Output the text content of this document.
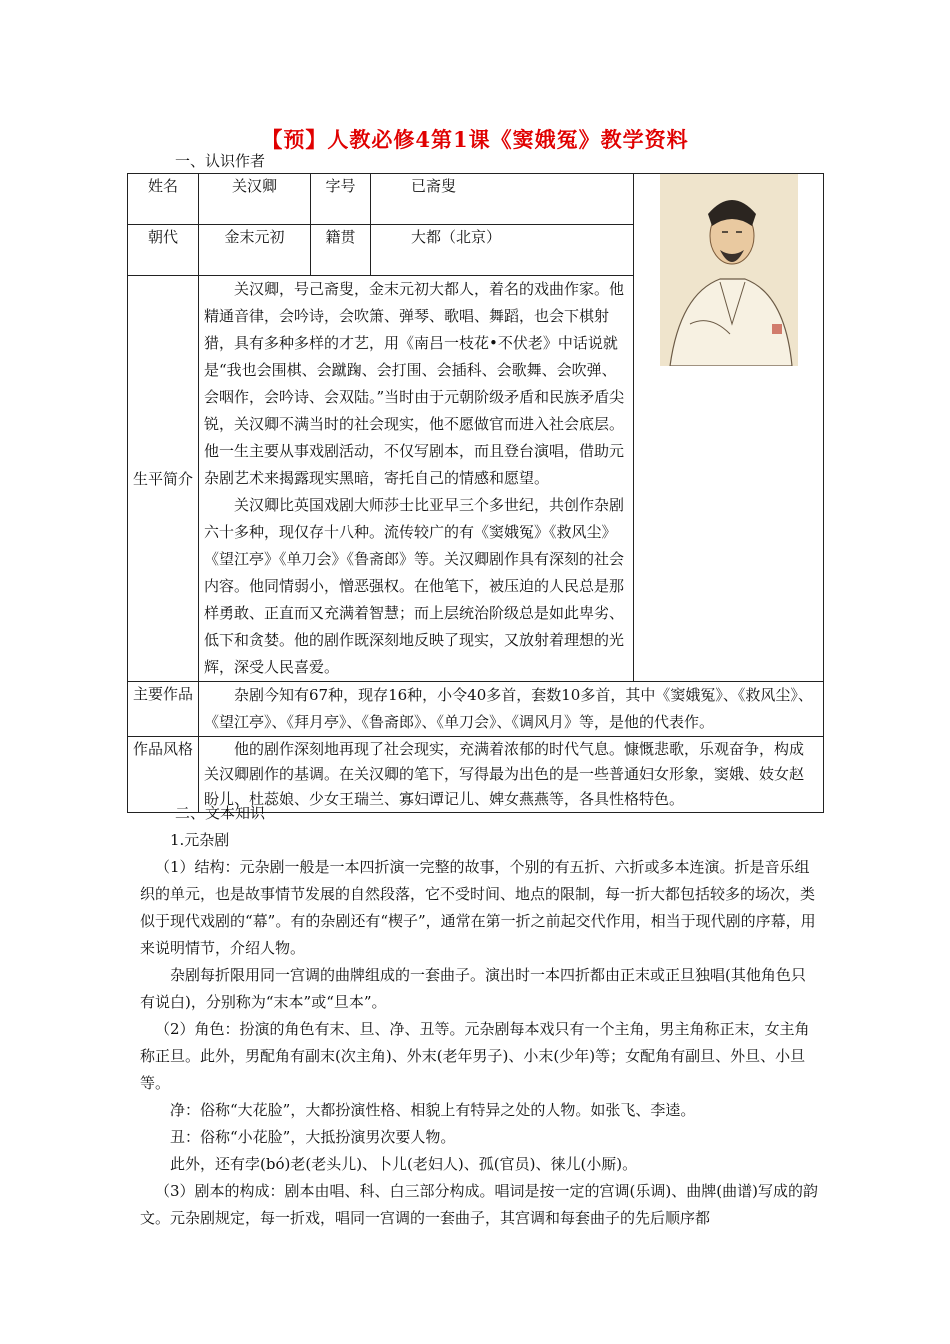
【预】人教必修4第1课《窦娥冤》教学资料
一、认识作者
姓名	关汉卿	字号	已斋叟	

朝代	金末元初	籍贯	大都（北京）	
生平简介	关汉卿，号己斋叟，金末元初大都人，着名的戏曲作家。他精通音律，会吟诗，会吹箫、弹琴、歌唱、舞蹈，也会下棋射猎，具有多种多样的才艺，用《南吕一枝花•不伏老》中话说就是“我也会围棋、会蹴踘、会打围、会插科、会歌舞、会吹弹、会咽作，会吟诗、会双陆。”当时由于元朝阶级矛盾和民族矛盾尖锐，关汉卿不满当时的社会现实，他不愿做官而进入社会底层。他一生主要从事戏剧活动，不仅写剧本，而且登台演唱，借助元杂剧艺术来揭露现实黑暗，寄托自己的情感和愿望。

关汉卿比英国戏剧大师莎士比亚早三个多世纪，共创作杂剧六十多种，现仅存十八种。流传较广的有《窦娥冤》《救风尘》《望江亭》《单刀会》《鲁斋郎》等。关汉卿剧作具有深刻的社会内容。他同情弱小，憎恶强权。在他笔下，被压迫的人民总是那样勇敢、正直而又充满着智慧；而上层统治阶级总是如此卑劣、低下和贪婪。他的剧作既深刻地反映了现实，又放射着理想的光辉，深受人民喜爱。			

主要作品	杂剧今知有67种，现存16种，小令40多首，套数10多首，其中《窦娥冤》、《救风尘》、《望江亭》、《拜月亭》、《鲁斋郎》、《单刀会》、《调风月》等，是他的代表作。			

作品风格	他的剧作深刻地再现了社会现实，充满着浓郁的时代气息。慷慨悲歌，乐观奋争，构成关汉卿剧作的基调。在关汉卿的笔下，写得最为出色的是一些普通妇女形象，窦娥、妓女赵盼儿、杜蕊娘、少女王瑞兰、寡妇谭记儿、婢女燕燕等，各具性格特色。			

二、文本知识

1.元杂剧

（1）结构：元杂剧一般是一本四折演一完整的故事，个别的有五折、六折或多本连演。折是音乐组织的单元，也是故事情节发展的自然段落，它不受时间、地点的限制，每一折大都包括较多的场次，类似于现代戏剧的“幕”。有的杂剧还有“楔子”，通常在第一折之前起交代作用，相当于现代剧的序幕，用来说明情节，介绍人物。

杂剧每折限用同一宫调的曲牌组成的一套曲子。演出时一本四折都由正末或正旦独唱(其他角色只有说白)，分别称为“末本”或“旦本”。

（2）角色：扮演的角色有末、旦、净、丑等。元杂剧每本戏只有一个主角，男主角称正末，女主角称正旦。此外，男配角有副末(次主角)、外末(老年男子)、小末(少年)等；女配角有副旦、外旦、小旦等。

净：俗称“大花脸”，大都扮演性格、相貌上有特异之处的人物。如张飞、李逵。

丑：俗称“小花脸”，大抵扮演男次要人物。

此外，还有孛(bó)老(老头儿)、卜儿(老妇人)、孤(官员)、徕儿(小厮)。

（3）剧本的构成：剧本由唱、科、白三部分构成。唱词是按一定的宫调(乐调)、曲牌(曲谱)写成的韵文。元杂剧规定，每一折戏，唱同一宫调的一套曲子，其宫调和每套曲子的先后顺序都
